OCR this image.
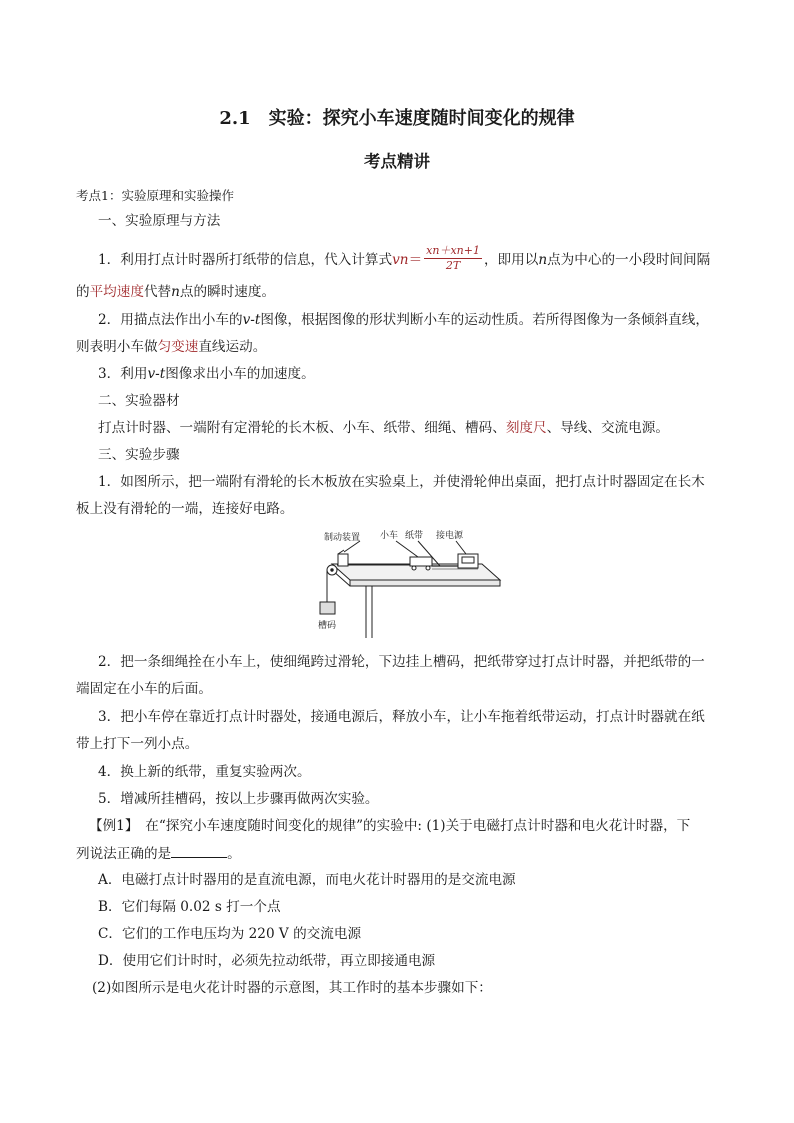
2.1　实验：探究小车速度随时间变化的规律
考点精讲
考点1：实验原理和实验操作
一、实验原理与方法
1．利用打点计时器所打纸带的信息，代入计算式$vn= \frac{xn+xn+1}{2T}$ ，即用以n点为中心的一小段时间间隔
的平均速度代替n点的瞬时速度。
2．用描点法作出小车的v-t图像，根据图像的形状判断小车的运动性质。若所得图像为一条倾斜直线，
则表明小车做匀变速直线运动。
3．利用v-t图像求出小车的加速度。
二、实验器材
打点计时器、一端附有定滑轮的长木板、小车、纸带、细绳、槽码、刻度尺、导线、交流电源。
三、实验步骤
1．如图所示，把一端附有滑轮的长木板放在实验桌上，并使滑轮伸出桌面，把打点计时器固定在长木
板上没有滑轮的一端，连接好电路。
制动装置 小车 纸带 接电源
槽码
2．把一条细绳拴在小车上，使细绳跨过滑轮，下边挂上槽码，把纸带穿过打点计时器，并把纸带的一
端固定在小车的后面。
3．把小车停在靠近打点计时器处，接通电源后，释放小车，让小车拖着纸带运动，打点计时器就在纸
带上打下一列小点。
4．换上新的纸带，重复实验两次。
5．增减所挂槽码，按以上步骤再做两次实验。
【例1】　在“探究小车速度随时间变化的规律”的实验中: (1)关于电磁打点计时器和电火花计时器，下
列说法正确的是	。
A．电磁打点计时器用的是直流电源，而电火花计时器用的是交流电源
B．它们每隔 0.02 s 打一个点
C．它们的工作电压均为 220 V 的交流电源
D．使用它们计时时，必须先拉动纸带，再立即接通电源
(2)如图所示是电火花计时器的示意图，其工作时的基本步骤如下：
